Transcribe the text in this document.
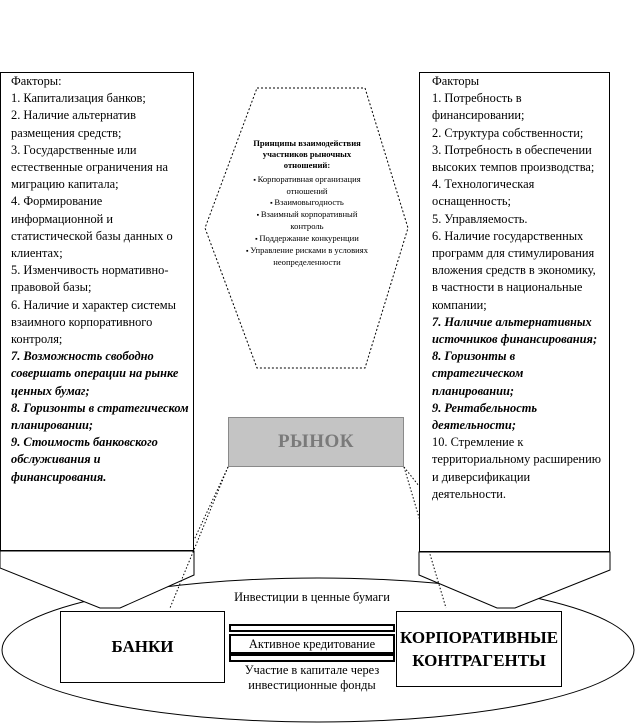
Факторы:

1. Капитализация банков;

2. Наличие альтернатив размещения средств;

3. Государственные или естественные ограничения на миграцию капитала;

4. Формирование информационной и статистической базы данных о клиентах;

5. Изменчивость нормативно-правовой базы;

6. Наличие и характер системы взаимного корпоративного контроля;

7. Возможность свободно совершать операции на рынке ценных бумаг;

8. Горизонты в стратегическом планировании;

9. Стоимость банковского обслуживания и финансирования.

Факторы

1. Потребность в финансировании;

2. Структура собственности;

3. Потребность в обеспечении высоких темпов производства;

4. Технологическая оснащенность;

5. Управляемость.

6. Наличие государственных программ для стимулирования вложения средств в экономику, в частности в национальные компании;

7. Наличие альтернативных источников финансирования;

8. Горизонты в стратегическом планировании;

9. Рентабельность деятельности;

10. Стремление к территориальному расширению и диверсификации деятельности.

Принципы взаимодействия участников рыночных отношений:
▪ Корпоративная организация отношений
▪ Взаимовыгодность
▪ Взаимный корпоративный контроль
▪ Поддержание конкуренции
▪ Управление рисками в условиях неопределенности
РЫНОК
БАНКИ	КОРПОРАТИВНЫЕ КОНТРАГЕНТЫ
Инвестиции в ценные бумаги
Активное кредитование
Участие в капитале через инвестиционные фонды
